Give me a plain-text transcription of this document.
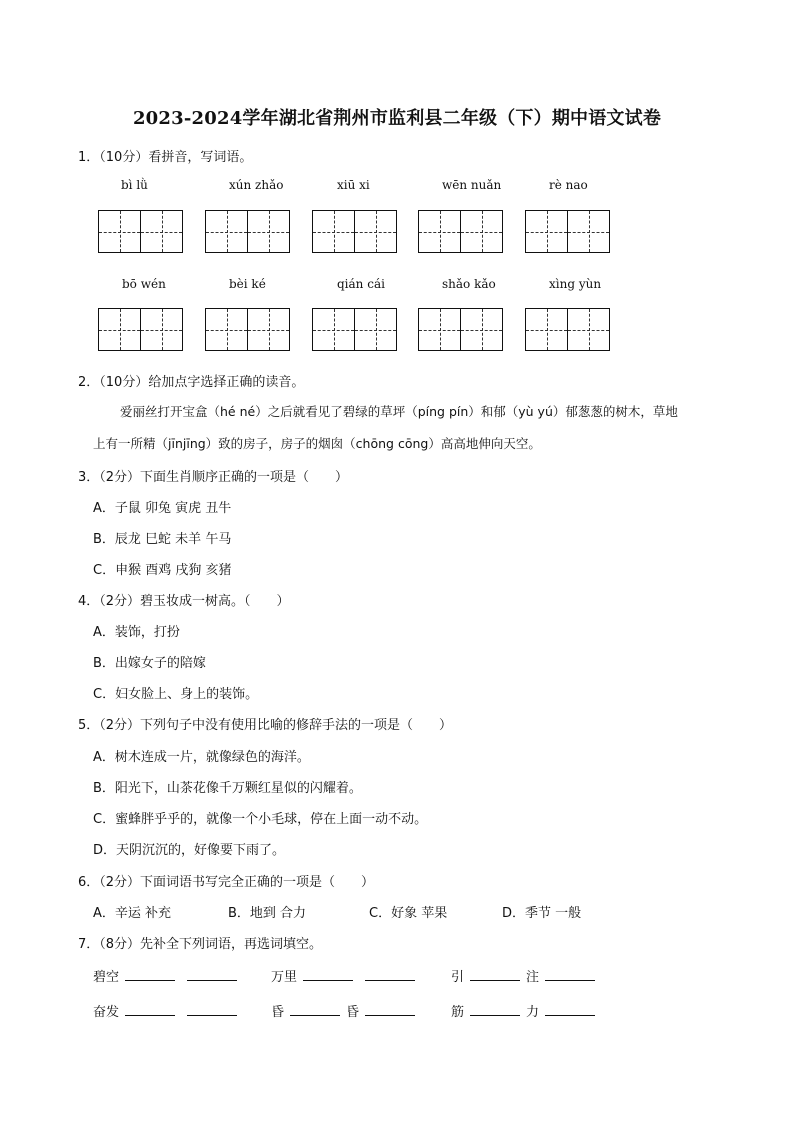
2023-2024学年湖北省荆州市监利县二年级（下）期中语文试卷
1．（10分）看拼音，写词语。
bì lǜ	xún zhǎo	xiū xi	wēn nuǎn	rè nao
bō wén	bèi ké	qián cái	shǎo kǎo	xìng yùn
2．（10分）给加点字选择正确的读音。
爱丽丝打开宝盒（hé né）之后就看见了碧绿的草坪（píng pín）和郁（yù yú）郁葱葱的树木，草地
上有一所精（jīnjīng）致的房子，房子的烟囱（chōng cōng）高高地伸向天空。
3．（2分）下面生肖顺序正确的一项是（　　）
A．子鼠 卯兔 寅虎 丑牛
B．辰龙 巳蛇 未羊 午马
C．申猴 酉鸡 戌狗 亥猪
4．（2分）碧玉妆成一树高。（　　）
A．装饰，打扮
B．出嫁女子的陪嫁
C．妇女脸上、身上的装饰。
5．（2分）下列句子中没有使用比喻的修辞手法的一项是（　　）
A．树木连成一片，就像绿色的海洋。
B．阳光下，山茶花像千万颗红星似的闪耀着。
C．蜜蜂胖乎乎的，就像一个小毛球，停在上面一动不动。
D．天阴沉沉的，好像要下雨了。
6．（2分）下面词语书写完全正确的一项是（　　）
A．辛运 补充	B．地到 合力	C．好象 苹果	D．季节 一般
7．（8分）先补全下列词语，再选词填空。
碧空	万里	引	注
奋发	昏	昏	筋	力
